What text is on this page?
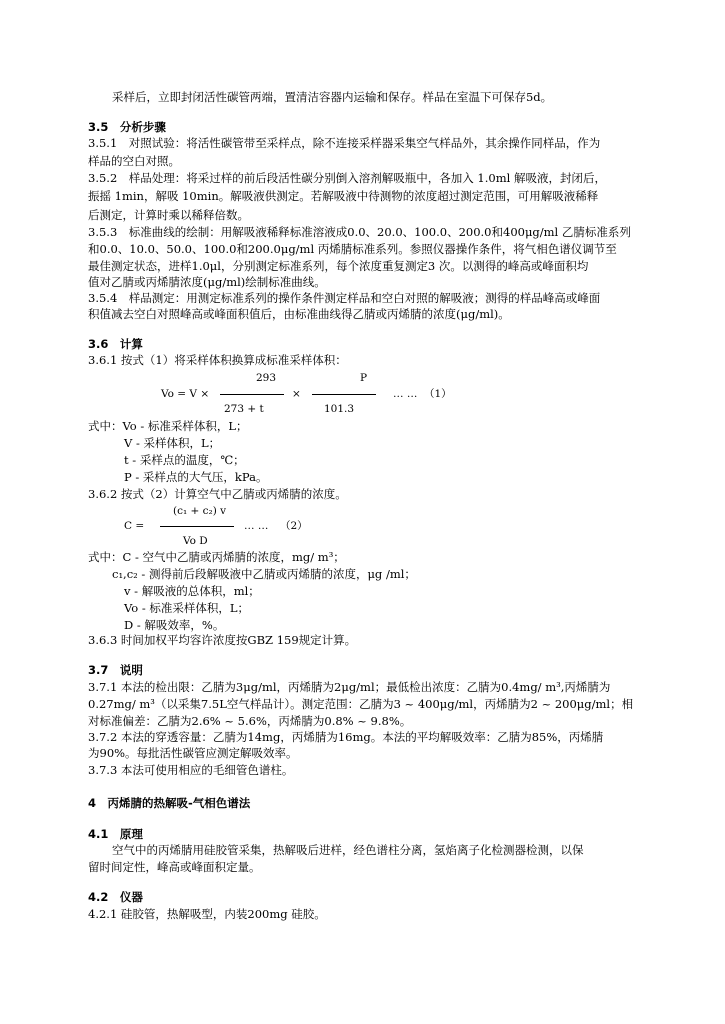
采样后，立即封闭活性碳管两端，置清洁容器内运输和保存。样品在室温下可保存5d。
3.5　分析步骤
3.5.1　对照试验：将活性碳管带至采样点，除不连接采样器采集空气样品外，其余操作同样品，作为
样品的空白对照。
3.5.2　样品处理：将采过样的前后段活性碳分别倒入溶剂解吸瓶中，各加入 1.0ml 解吸液，封闭后，
振摇 1min，解吸 10min。解吸液供测定。若解吸液中待测物的浓度超过测定范围，可用解吸液稀释
后测定，计算时乘以稀释倍数。
3.5.3　标准曲线的绘制：用解吸液稀释标准溶液成0.0、20.0、100.0、200.0和400μg/ml 乙腈标准系列
和0.0、10.0、50.0、100.0和200.0μg/ml 丙烯腈标准系列。参照仪器操作条件，将气相色谱仪调节至
最佳测定状态，进样1.0μl，分别测定标准系列，每个浓度重复测定3 次。以测得的峰高或峰面积均
值对乙腈或丙烯腈浓度(μg/ml)绘制标准曲线。
3.5.4　样品测定：用测定标准系列的操作条件测定样品和空白对照的解吸液；测得的样品峰高或峰面
积值减去空白对照峰高或峰面积值后，由标准曲线得乙腈或丙烯腈的浓度(μg/ml)。
3.6　计算
3.6.1 按式（1）将采样体积换算成标准采样体积：
293	P
Vo = V ×	×	… … （1）
273 + t	101.3
式中：Vo - 标准采样体积，L；
V - 采样体积，L；
t - 采样点的温度，℃；
P - 采样点的大气压，kPa。
3.6.2 按式（2）计算空气中乙腈或丙烯腈的浓度。
(c₁ + c₂) v
C =	… … （2）
Vo D
式中：C - 空气中乙腈或丙烯腈的浓度，mg/ m³；
c₁,c₂ - 测得前后段解吸液中乙腈或丙烯腈的浓度，μg /ml；
v - 解吸液的总体积，ml；
Vo - 标准采样体积，L；
D - 解吸效率，%。
3.6.3 时间加权平均容许浓度按GBZ 159规定计算。
3.7　说明
3.7.1 本法的检出限：乙腈为3μg/ml，丙烯腈为2μg/ml；最低检出浓度：乙腈为0.4mg/ m³,丙烯腈为
0.27mg/ m³（以采集7.5L空气样品计）。测定范围：乙腈为3 ~ 400μg/ml，丙烯腈为2 ~ 200μg/ml；相
对标准偏差：乙腈为2.6% ~ 5.6%，丙烯腈为0.8% ~ 9.8%。
3.7.2 本法的穿透容量：乙腈为14mg，丙烯腈为16mg。本法的平均解吸效率：乙腈为85%，丙烯腈
为90%。每批活性碳管应测定解吸效率。
3.7.3 本法可使用相应的毛细管色谱柱。
4　丙烯腈的热解吸-气相色谱法
4.1　原理
空气中的丙烯腈用硅胶管采集，热解吸后进样，经色谱柱分离，氢焰离子化检测器检测，以保
留时间定性，峰高或峰面积定量。
4.2　仪器
4.2.1 硅胶管，热解吸型，内装200mg 硅胶。
